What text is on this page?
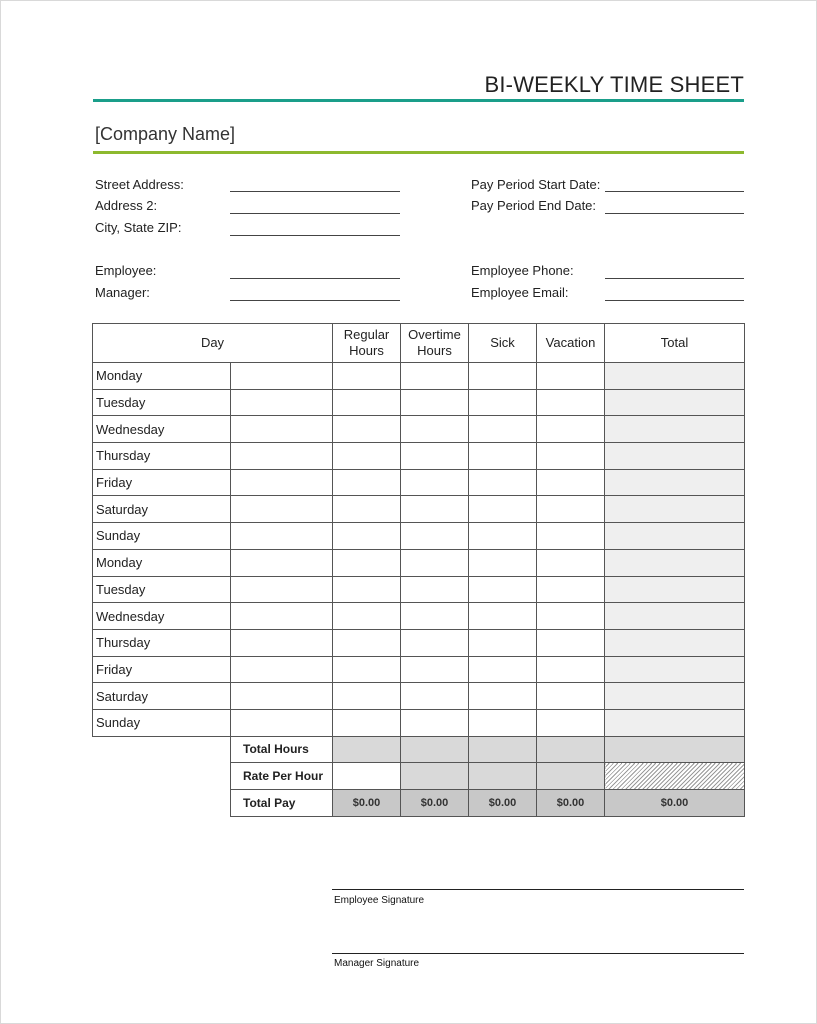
BI-WEEKLY TIME SHEET
[Company Name]
Street Address:
Address 2:
City, State ZIP:
Employee:
Manager:
Pay Period Start Date:
Pay Period End Date:
Employee Phone:
Employee Email:
Day		Regular Hours	Overtime Hours	Sick	Vacation	Total
Monday						
Tuesday						
Wednesday						
Thursday						
Friday						
Saturday						
Sunday						
Monday						
Tuesday						
Wednesday						
Thursday						
Friday						
Saturday						
Sunday						
	Total Hours					
	Rate Per Hour					
	Total Pay	$0.00	$0.00	$0.00	$0.00	$0.00
Employee Signature
Manager Signature
